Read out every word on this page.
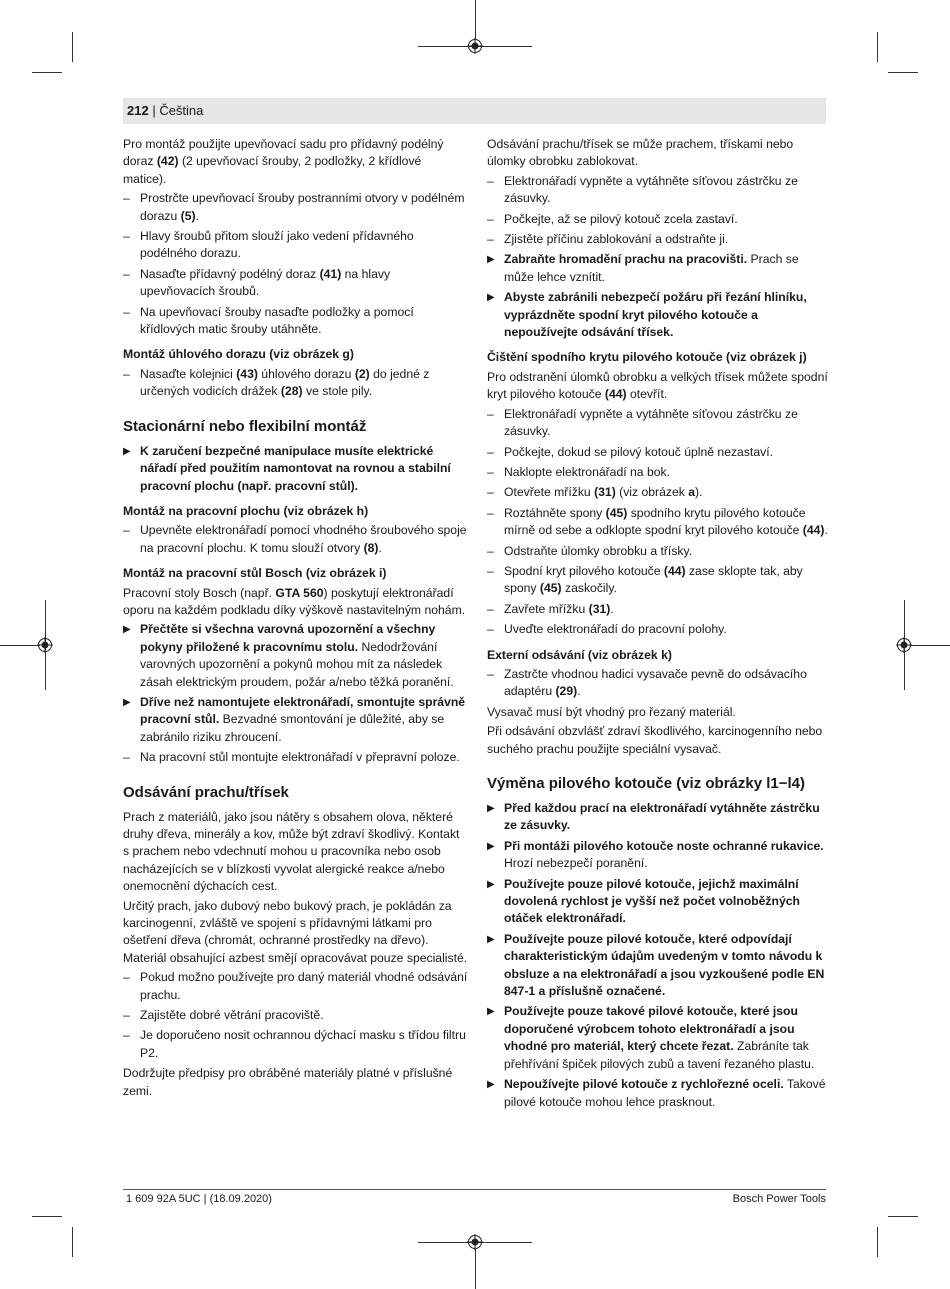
212 | Čeština

Pro montáž použijte upevňovací sadu pro přídavný podélný doraz (42) (2 upevňovací šrouby, 2 podložky, 2 křídlové matice).

– Prostrčte upevňovací šrouby postranními otvory v podélném dorazu (5).
– Hlavy šroubů přitom slouží jako vedení přídavného podélného dorazu.
– Nasaďte přídavný podélný doraz (41) na hlavy upevňovacích šroubů.
– Na upevňovací šrouby nasaďte podložky a pomocí křídlových matic šrouby utáhněte.
Montáž úhlového dorazu (viz obrázek g)
– Nasaďte kolejnici (43) úhlového dorazu (2) do jedné z určených vodicích drážek (28) ve stole pily.
Stacionární nebo flexibilní montáž
▶ K zaručení bezpečné manipulace musíte elektrické nářadí před použitím namontovat na rovnou a stabilní pracovní plochu (např. pracovní stůl).
Montáž na pracovní plochu (viz obrázek h)
– Upevněte elektronářadí pomocí vhodného šroubového spoje na pracovní plochu. K tomu slouží otvory (8).
Montáž na pracovní stůl Bosch (viz obrázek i)

Pracovní stoly Bosch (např. GTA 560) poskytují elektronářadí oporu na každém podkladu díky výškově nastavitelným nohám.

▶ Přečtěte si všechna varovná upozornění a všechny pokyny přiložené k pracovnímu stolu. Nedodržování varovných upozornění a pokynů mohou mít za následek zásah elektrickým proudem, požár a/nebo těžká poranění.
▶ Dříve než namontujete elektronářadí, smontujte správně pracovní stůl. Bezvadné smontování je důležité, aby se zabránilo riziku zhroucení.
– Na pracovní stůl montujte elektronářadí v přepravní poloze.
Odsávání prachu/třísek

Prach z materiálů, jako jsou nátěry s obsahem olova, některé druhy dřeva, minerály a kov, může být zdraví škodlivý. Kontakt s prachem nebo vdechnutí mohou u pracovníka nebo osob nacházejících se v blízkosti vyvolat alergické reakce a/nebo onemocnění dýchacích cest.

Určitý prach, jako dubový nebo bukový prach, je pokládán za karcinogenní, zvláště ve spojení s přídavnými látkami pro ošetření dřeva (chromát, ochranné prostředky na dřevo). Materiál obsahující azbest smějí opracovávat pouze specialisté.

– Pokud možno používejte pro daný materiál vhodné odsávání prachu.
– Zajistěte dobré větrání pracoviště.
– Je doporučeno nosit ochrannou dýchací masku s třídou filtru P2.

Dodržujte předpisy pro obráběné materiály platné v příslušné zemi.

Odsávání prachu/třísek se může prachem, třískami nebo úlomky obrobku zablokovat.

– Elektronářadí vypněte a vytáhněte síťovou zástrčku ze zásuvky.
– Počkejte, až se pilový kotouč zcela zastaví.
– Zjistěte příčinu zablokování a odstraňte ji.
▶ Zabraňte hromadění prachu na pracovišti. Prach se může lehce vznítit.
▶ Abyste zabránili nebezpečí požáru při řezání hliníku, vyprázdněte spodní kryt pilového kotouče a nepoužívejte odsávání třísek.
Čištění spodního krytu pilového kotouče (viz obrázek j)

Pro odstranění úlomků obrobku a velkých třísek můžete spodní kryt pilového kotouče (44) otevřít.

– Elektronářadí vypněte a vytáhněte síťovou zástrčku ze zásuvky.
– Počkejte, dokud se pilový kotouč úplně nezastaví.
– Naklopte elektronářadí na bok.
– Otevřete mřížku (31) (viz obrázek a).
– Roztáhněte spony (45) spodního krytu pilového kotouče mírně od sebe a odklopte spodní kryt pilového kotouče (44).
– Odstraňte úlomky obrobku a třísky.
– Spodní kryt pilového kotouče (44) zase sklopte tak, aby spony (45) zaskočily.
– Zavřete mřížku (31).
– Uveďte elektronářadí do pracovní polohy.
Externí odsávání (viz obrázek k)
– Zastrčte vhodnou hadici vysavače pevně do odsávacího adaptéru (29).

Vysavač musí být vhodný pro řezaný materiál.

Při odsávání obzvlášť zdraví škodlivého, karcinogenního nebo suchého prachu použijte speciální vysavač.

Výměna pilového kotouče (viz obrázky l1−l4)
▶ Před každou prací na elektronářadí vytáhněte zástrčku ze zásuvky.
▶ Při montáži pilového kotouče noste ochranné rukavice. Hrozí nebezpečí poranění.
▶ Používejte pouze pilové kotouče, jejichž maximální dovolená rychlost je vyšší než počet volnoběžných otáček elektronářadí.
▶ Používejte pouze pilové kotouče, které odpovídají charakteristickým údajům uvedeným v tomto návodu k obsluze a na elektronářadí a jsou vyzkoušené podle EN 847-1 a příslušně označené.
▶ Používejte pouze takové pilové kotouče, které jsou doporučené výrobcem tohoto elektronářadí a jsou vhodné pro materiál, který chcete řezat. Zabráníte tak přehřívání špiček pilových zubů a tavení řezaného plastu.
▶ Nepoužívejte pilové kotouče z rychlořezné oceli. Takové pilové kotouče mohou lehce prasknout.
1 609 92A 5UC | (18.09.2020)	Bosch Power Tools
